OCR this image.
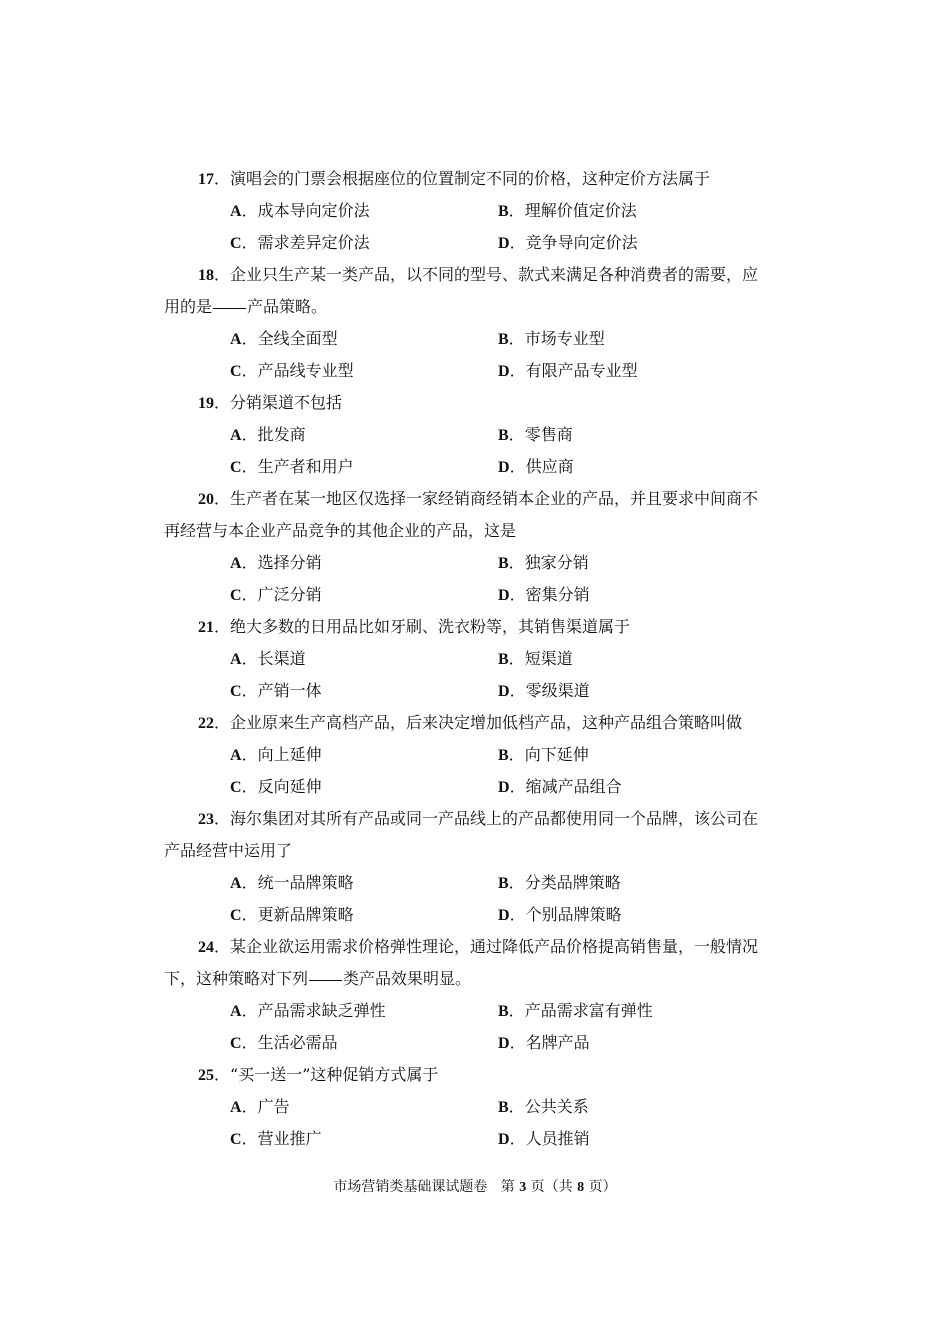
17．演唱会的门票会根据座位的位置制定不同的价格，这种定价方法属于
A．成本导向定价法	B．理解价值定价法
C．需求差异定价法	D．竞争导向定价法
18．企业只生产某一类产品，以不同的型号、款式来满足各种消费者的需要，应
用的是 产品策略。
A．全线全面型	B．市场专业型
C．产品线专业型	D．有限产品专业型
19．分销渠道不包括
A．批发商	B．零售商
C．生产者和用户	D．供应商
20．生产者在某一地区仅选择一家经销商经销本企业的产品，并且要求中间商不
再经营与本企业产品竞争的其他企业的产品，这是
A．选择分销	B．独家分销
C．广泛分销	D．密集分销
21．绝大多数的日用品比如牙刷、洗衣粉等，其销售渠道属于
A．长渠道	B．短渠道
C．产销一体	D．零级渠道
22．企业原来生产高档产品，后来决定增加低档产品，这种产品组合策略叫做
A．向上延伸	B．向下延伸
C．反向延伸	D．缩减产品组合
23．海尔集团对其所有产品或同一产品线上的产品都使用同一个品牌，该公司在
产品经营中运用了
A．统一品牌策略	B．分类品牌策略
C．更新品牌策略	D．个别品牌策略
24．某企业欲运用需求价格弹性理论，通过降低产品价格提高销售量，一般情况
下，这种策略对下列 类产品效果明显。
A．产品需求缺乏弹性	B．产品需求富有弹性
C．生活必需品	D．名牌产品
25．“买一送一”这种促销方式属于
A．广告	B．公共关系
C．营业推广	D．人员推销
市场营销类基础课试题卷 第 3 页（共 8 页）
